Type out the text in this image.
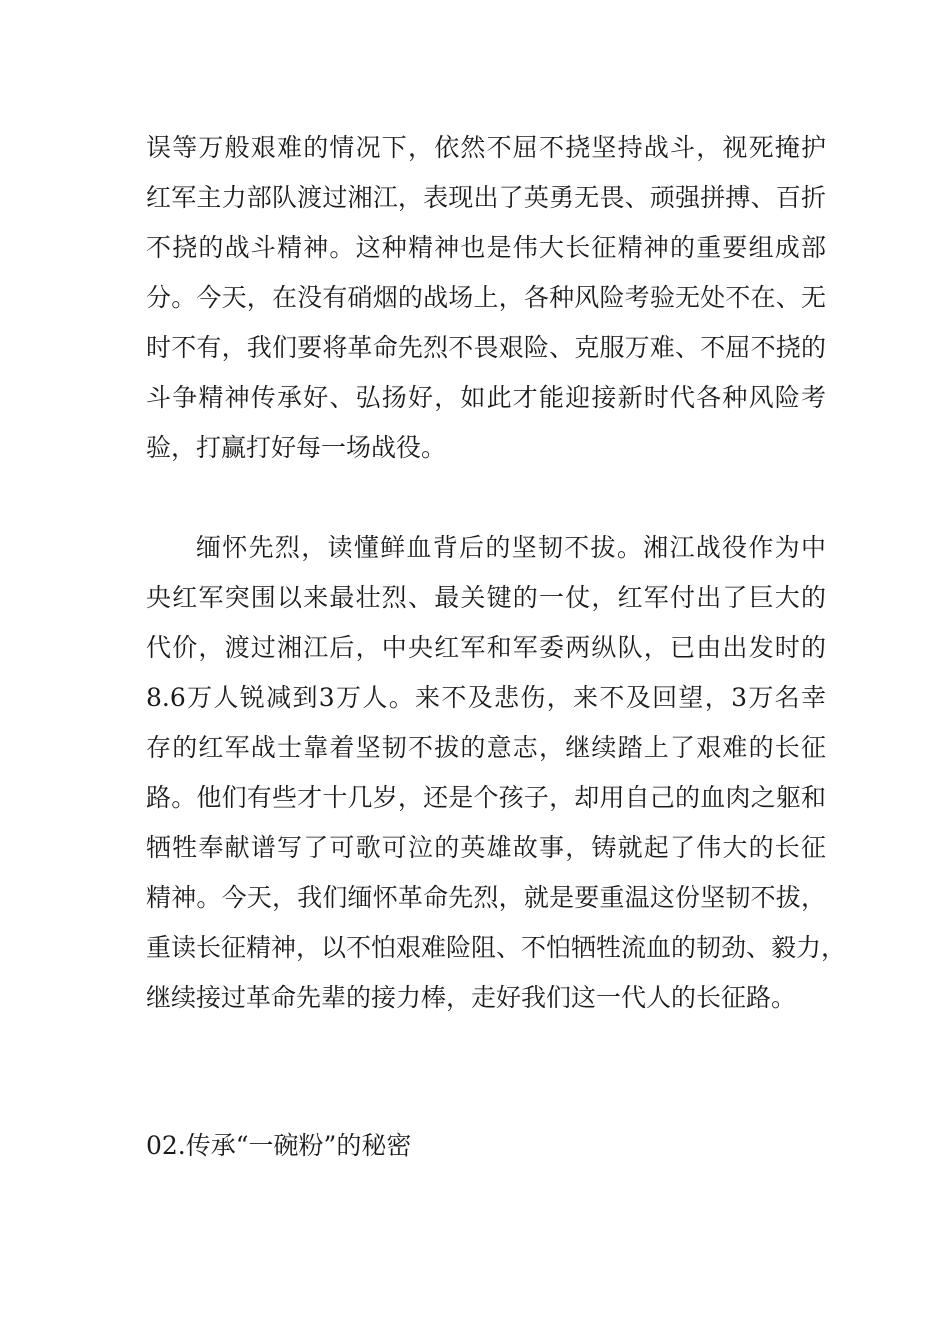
误等万般艰难的情况下，依然不屈不挠坚持战斗，视死掩护
红军主力部队渡过湘江，表现出了英勇无畏、顽强拼搏、百折
不挠的战斗精神。这种精神也是伟大长征精神的重要组成部
分。今天，在没有硝烟的战场上，各种风险考验无处不在、无
时不有，我们要将革命先烈不畏艰险、克服万难、不屈不挠的
斗争精神传承好、弘扬好，如此才能迎接新时代各种风险考
验，打赢打好每一场战役。
缅怀先烈，读懂鲜血背后的坚韧不拔。湘江战役作为中
央红军突围以来最壮烈、最关键的一仗，红军付出了巨大的
代价，渡过湘江后，中央红军和军委两纵队，已由出发时的
8.6万人锐减到3万人。来不及悲伤，来不及回望，3万名幸
存的红军战士靠着坚韧不拔的意志，继续踏上了艰难的长征
路。他们有些才十几岁，还是个孩子，却用自己的血肉之躯和
牺牲奉献谱写了可歌可泣的英雄故事，铸就起了伟大的长征
精神。今天，我们缅怀革命先烈，就是要重温这份坚韧不拔，
重读长征精神，以不怕艰难险阻、不怕牺牲流血的韧劲、毅力，
继续接过革命先辈的接力棒，走好我们这一代人的长征路。
02.传承“一碗粉”的秘密
